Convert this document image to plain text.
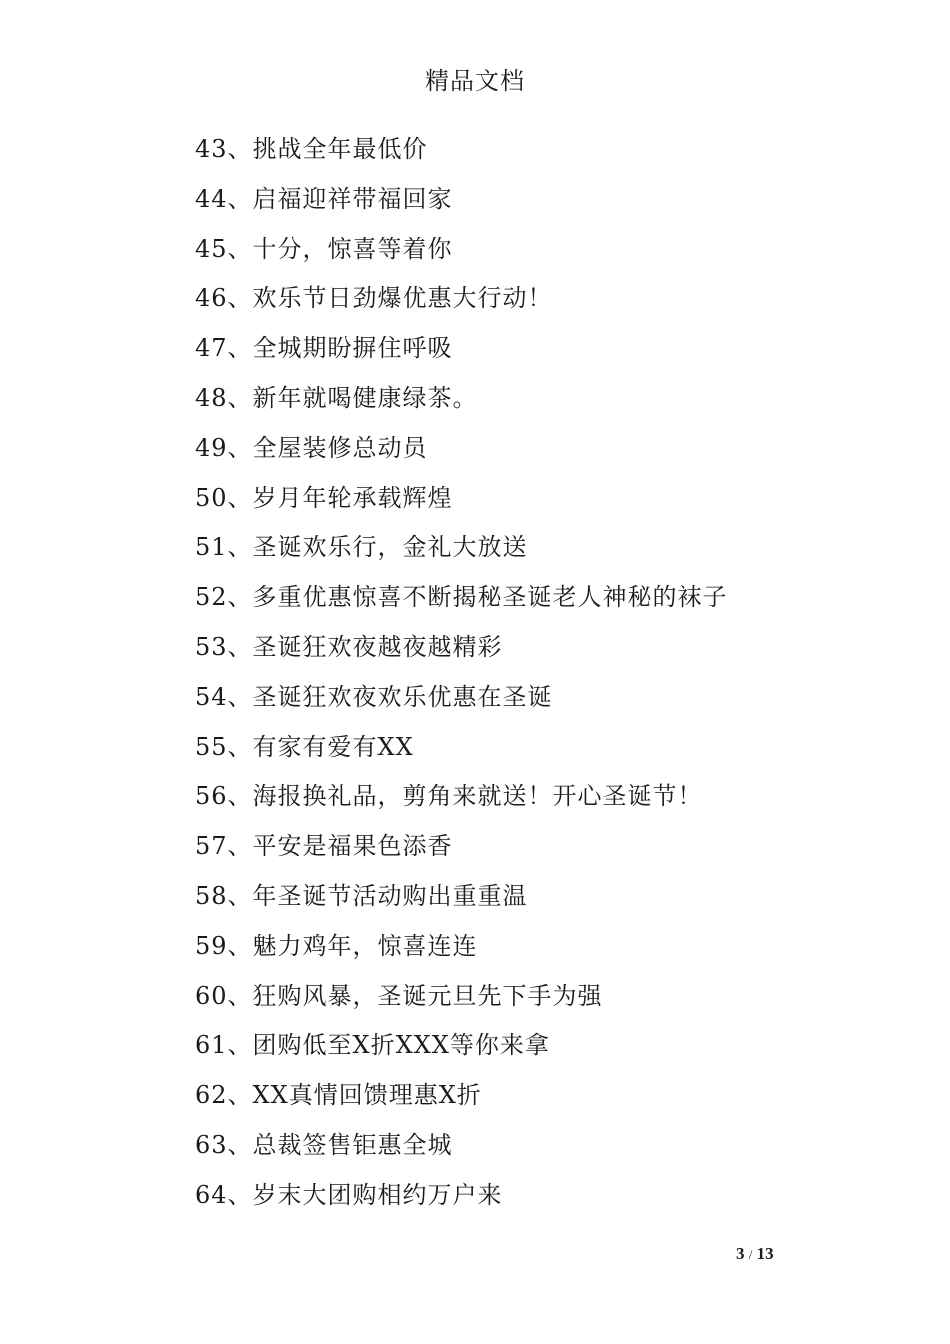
精品文档
43、挑战全年最低价
44、启福迎祥带福回家
45、十分，惊喜等着你
46、欢乐节日劲爆优惠大行动！
47、全城期盼摒住呼吸
48、新年就喝健康绿茶。
49、全屋装修总动员
50、岁月年轮承载辉煌
51、圣诞欢乐行，金礼大放送
52、多重优惠惊喜不断揭秘圣诞老人神秘的袜子
53、圣诞狂欢夜越夜越精彩
54、圣诞狂欢夜欢乐优惠在圣诞
55、有家有爱有XX
56、海报换礼品，剪角来就送！开心圣诞节！
57、平安是福果色添香
58、年圣诞节活动购出重重温
59、魅力鸡年，惊喜连连
60、狂购风暴，圣诞元旦先下手为强
61、团购低至X折XXX等你来拿
62、XX真情回馈理惠X折
63、总裁签售钜惠全城
64、岁末大团购相约万户来
3 / 13
